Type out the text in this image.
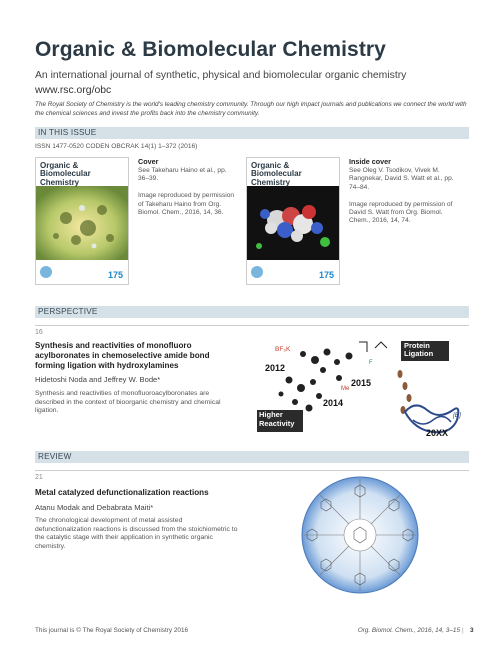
Organic & Biomolecular Chemistry
An international journal of synthetic, physical and biomolecular organic chemistry
www.rsc.org/obc
The Royal Society of Chemistry is the world's leading chemistry community. Through our high impact journals and publications we connect the world with the chemical sciences and invest the profits back into the chemistry community.
IN THIS ISSUE
ISSN 1477-0520 CODEN OBCRAK 14(1) 1–372 (2016)
Organic & Biomolecular Chemistry
175
Cover
See Takeharu Haino et al., pp. 36–39.

Image reproduced by permission of Takeharu Haino from Org. Biomol. Chem., 2016, 14, 36.
Organic & Biomolecular Chemistry
175
Inside cover
See Oleg V. Tsodikov, Vivek M. Rangnekar, David S. Watt et al., pp. 74–84.

Image reproduced by permission of David S. Watt from Org. Biomol. Chem., 2016, 14, 74.
PERSPECTIVE
16
Synthesis and reactivities of monofluoro acylboronates in chemoselective amide bond forming ligation with hydroxylamines
Hidetoshi Noda and Jeffrey W. Bode*
Synthesis and reactivities of monofluoroacylboronates are described in the context of bioorganic chemistry and chemical ligation.
2012
2015
2014
20XX
Protein
Ligation
Higher
Reactivity
BF₃K
Me
F
[B]
REVIEW
21
Metal catalyzed defunctionalization reactions
Atanu Modak and Debabrata Maiti*
The chronological development of metal assisted defunctionalization reactions is discussed from the stoichiometric to the catalytic stage with their application in synthetic organic chemistry.
This journal is © The Royal Society of Chemistry 2016	Org. Biomol. Chem., 2016, 14, 3–15 | 3
